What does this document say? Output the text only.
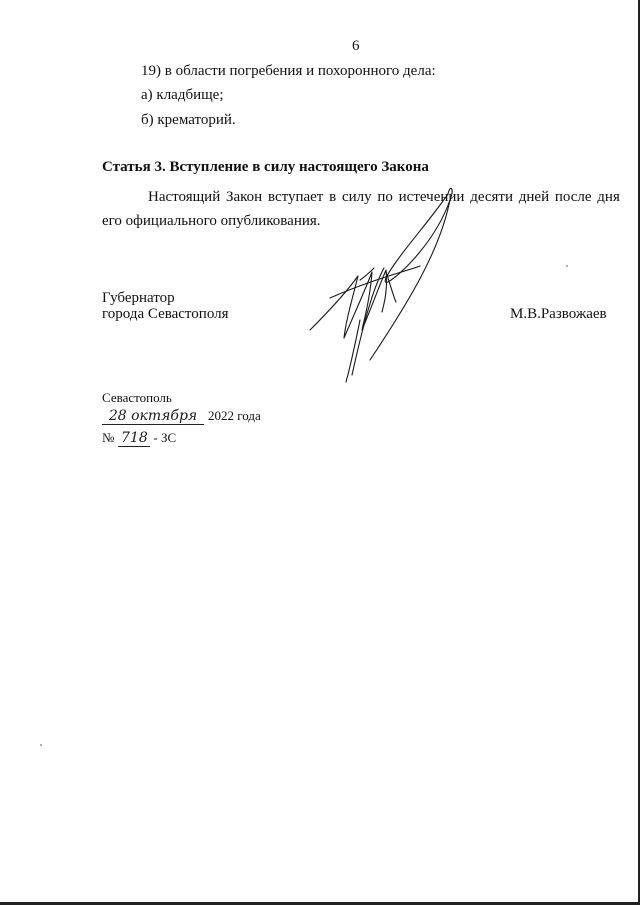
6
19) в области погребения и похоронного дела:
а) кладбище;
б) крематорий.
Статья 3. Вступление в силу настоящего Закона
Настоящий Закон вступает в силу по истечении десяти дней после дня
его официального опубликования.
Губернатор
города Севастополя	М.В.Развожаев
Севастополь
28 октября 2022 года
№ 718 - ЗС
